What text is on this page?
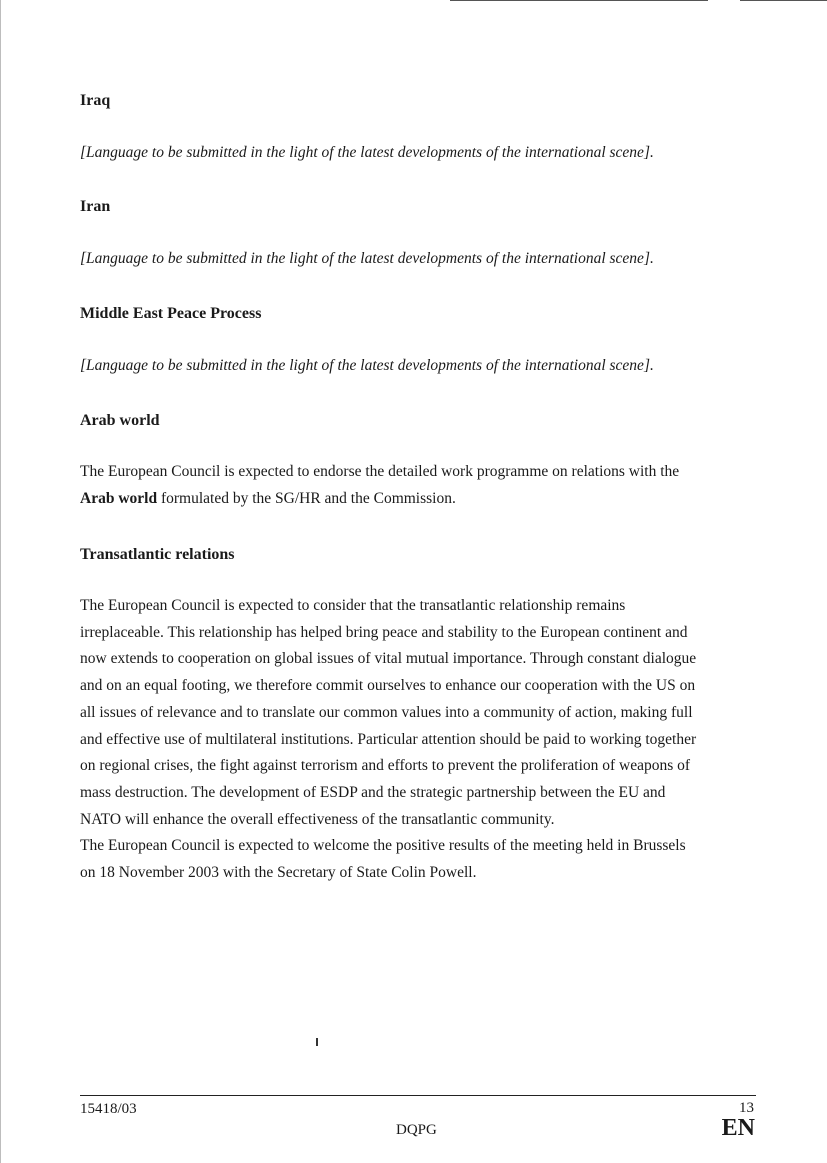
Iraq
[Language to be submitted in the light of the latest developments of the international scene].
Iran
[Language to be submitted in the light of the latest developments of the international scene].
Middle East Peace Process
[Language to be submitted in the light of the latest developments of the international scene].
Arab world
The European Council is expected to endorse the detailed work programme on relations with the
Arab world formulated by the SG/HR and the Commission.
Transatlantic relations
The European Council is expected to consider that the transatlantic relationship remains
irreplaceable. This relationship has helped bring peace and stability to the European continent and
now extends to cooperation on global issues of vital mutual importance. Through constant dialogue
and on an equal footing, we therefore commit ourselves to enhance our cooperation with the US on
all issues of relevance and to translate our common values into a community of action, making full
and effective use of multilateral institutions. Particular attention should be paid to working together
on regional crises, the fight against terrorism and efforts to prevent the proliferation of weapons of
mass destruction. The development of ESDP and the strategic partnership between the EU and
NATO will enhance the overall effectiveness of the transatlantic community.
The European Council is expected to welcome the positive results of the meeting held in Brussels
on 18 November 2003 with the Secretary of State Colin Powell.
15418/03
DQPG
13
EN
